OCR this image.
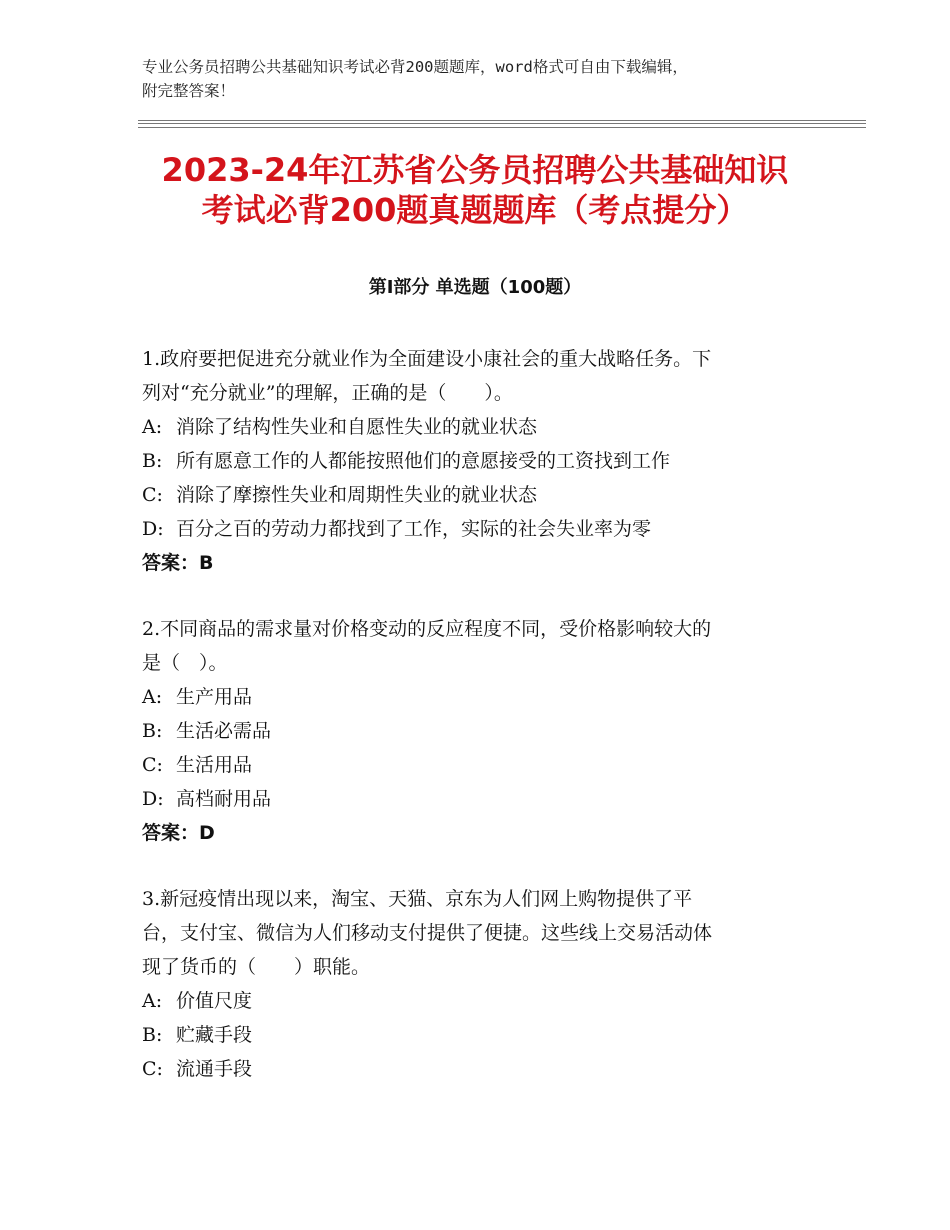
专业公务员招聘公共基础知识考试必背200题题库，word格式可自由下载编辑，
附完整答案！
2023-24年江苏省公务员招聘公共基础知识
考试必背200题真题题库（考点提分）
第Ⅰ部分 单选题（100题）

1.政府要把促进充分就业作为全面建设小康社会的重大战略任务。下
列对“充分就业”的理解，正确的是（　　）。

A: 消除了结构性失业和自愿性失业的就业状态
B: 所有愿意工作的人都能按照他们的意愿接受的工资找到工作
C: 消除了摩擦性失业和周期性失业的就业状态
D: 百分之百的劳动力都找到了工作，实际的社会失业率为零
答案：B

2.不同商品的需求量对价格变动的反应程度不同，受价格影响较大的
是（　）。

A: 生产用品
B: 生活必需品
C: 生活用品
D: 高档耐用品
答案：D

3.新冠疫情出现以来，淘宝、天猫、京东为人们网上购物提供了平
台，支付宝、微信为人们移动支付提供了便捷。这些线上交易活动体
现了货币的（　　）职能。

A: 价值尺度
B: 贮藏手段
C: 流通手段
